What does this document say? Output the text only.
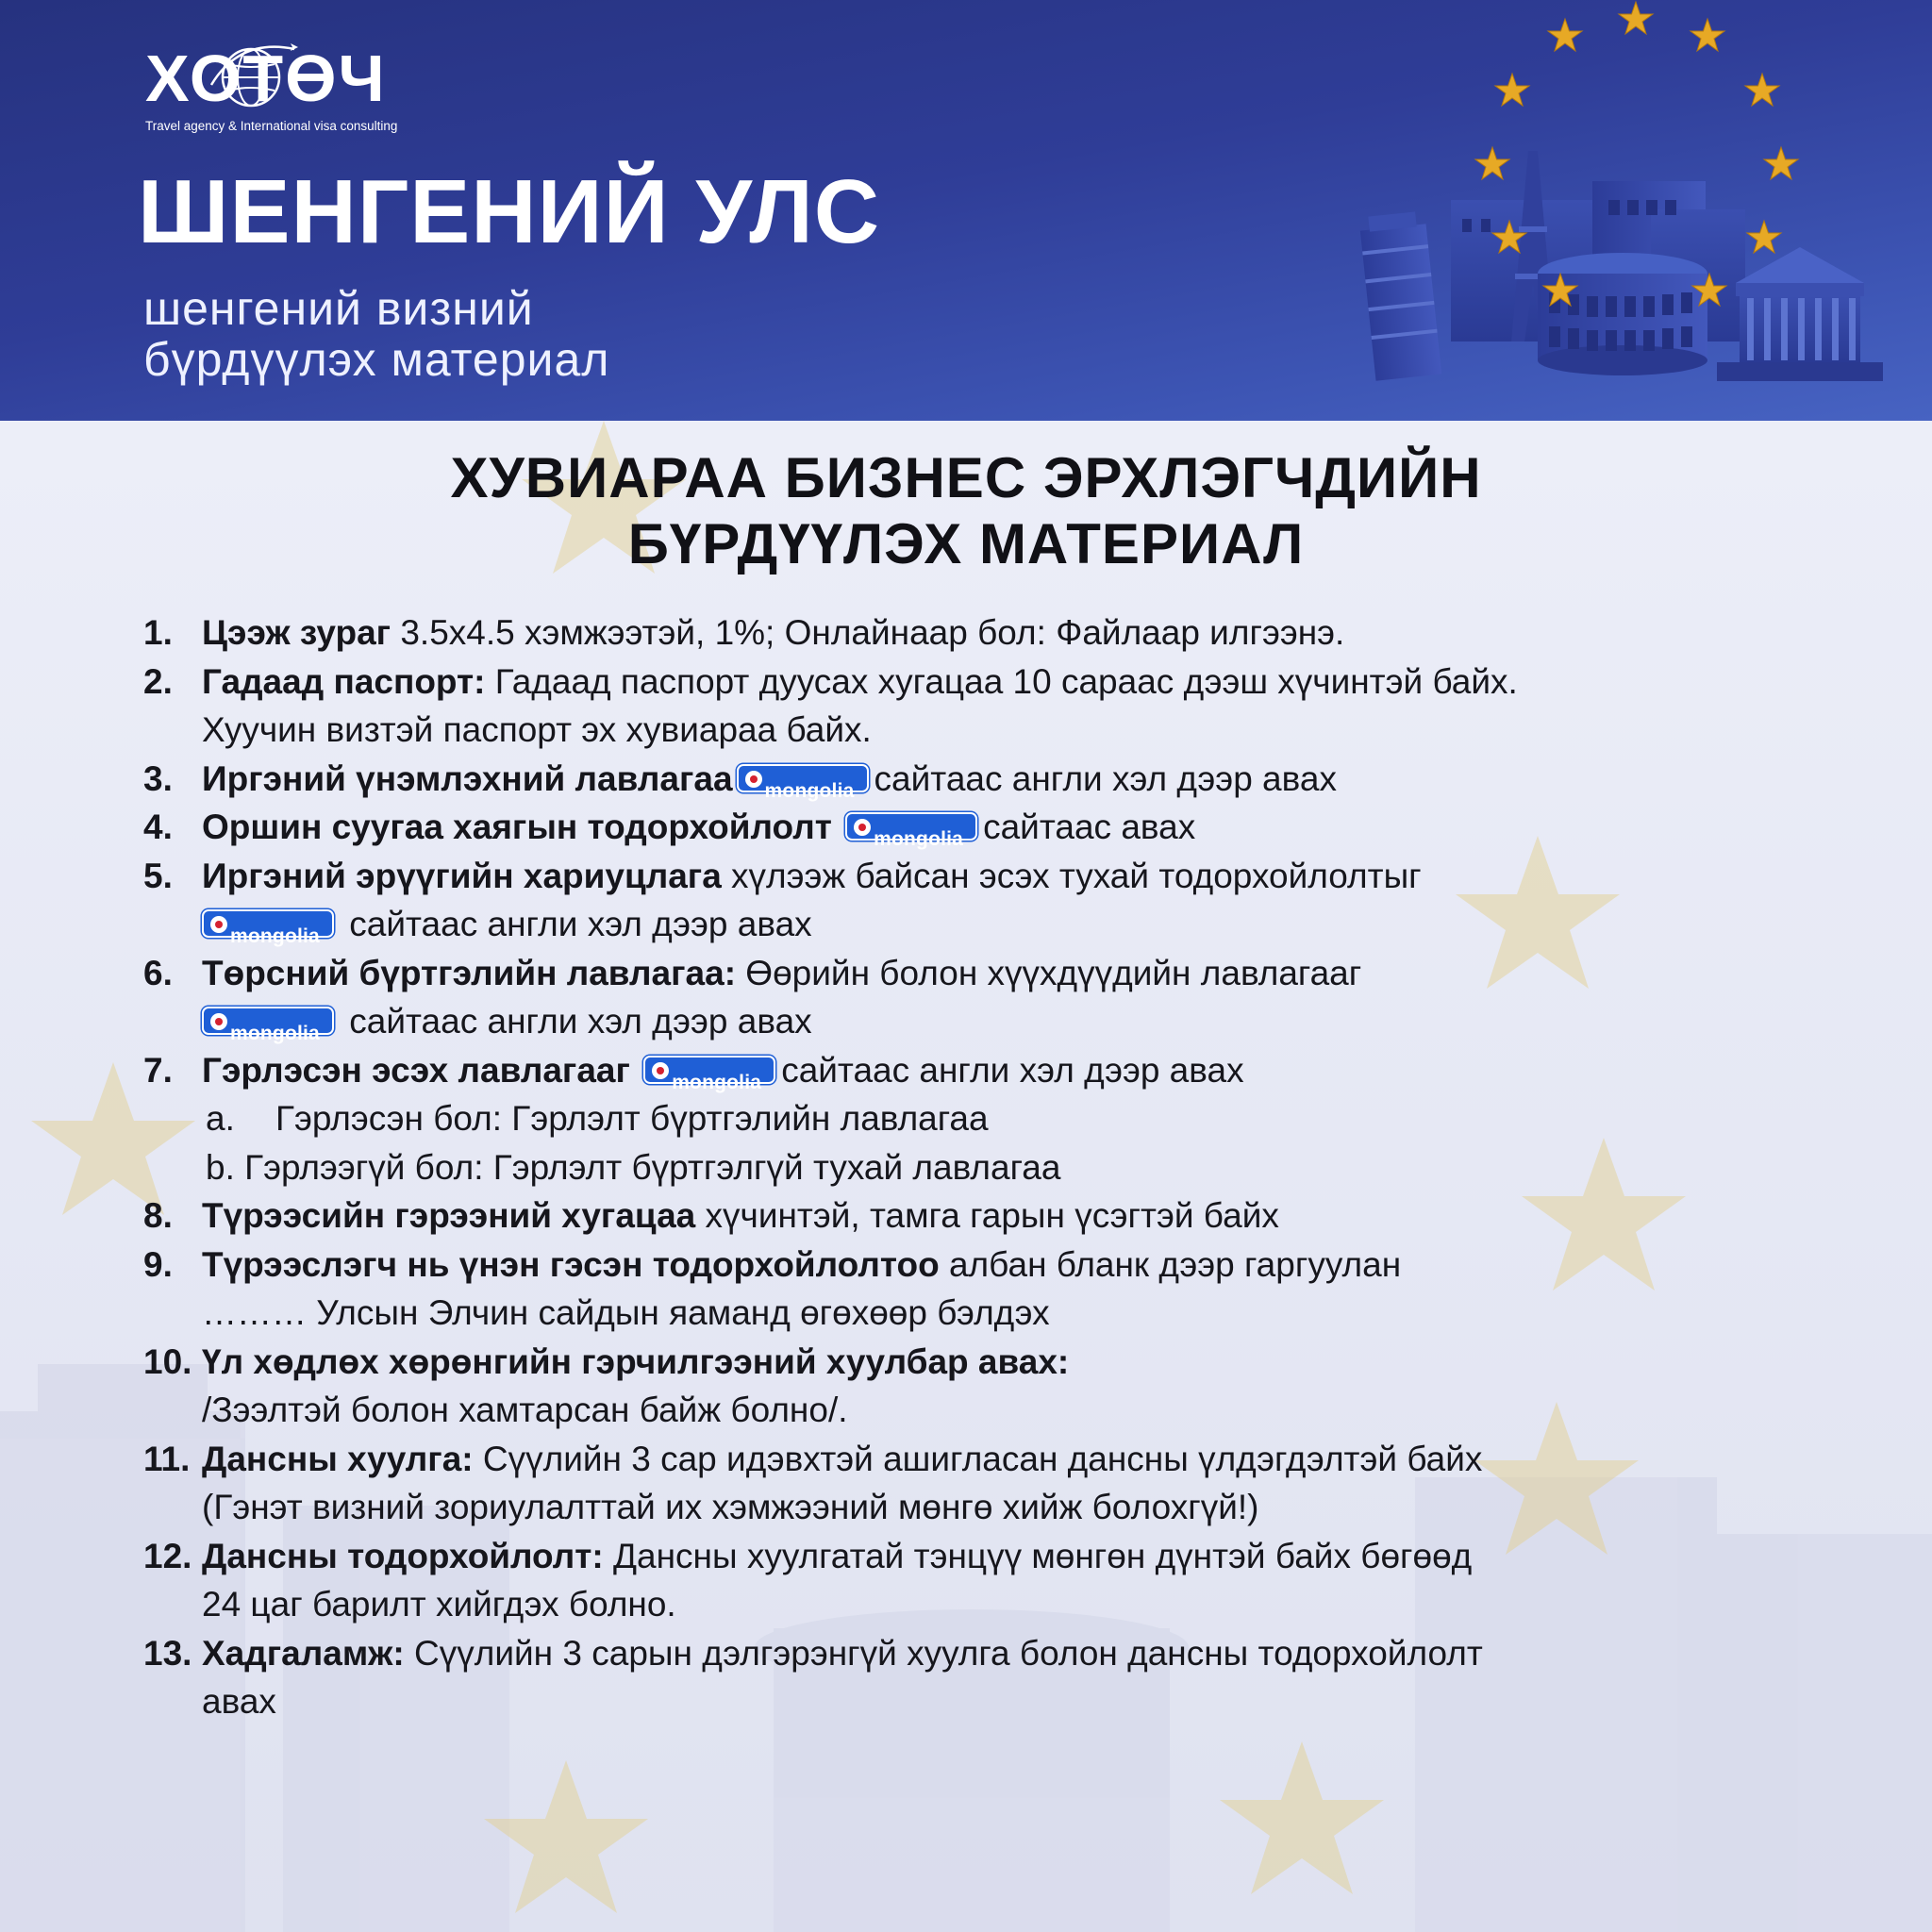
ХОТӨЧ
Travel agency & International visa consulting
ШЕНГЕНИЙ УЛС
шенгений визний
бүрдүүлэх материал
ХУВИАРАА БИЗНЕС ЭРХЛЭГЧДИЙН
БҮРДҮҮЛЭХ МАТЕРИАЛ
1. Цээж зураг 3.5x4.5 хэмжээтэй, 1%; Онлайнаар бол: Файлаар илгээнэ.
2. Гадаад паспорт: Гадаад паспорт дуусах хугацаа 10 сараас дээш хүчинтэй байх.
Хуучин визтэй паспорт эх хувиараа байх.
3. Иргэний үнэмлэхний лавлагаа mongolia сайтаас англи хэл дээр авах
4. Оршин суугаа хаягын тодорхойлолт mongolia сайтаас авах
5. Иргэний эрүүгийн хариуцлага хүлээж байсан эсэх тухай тодорхойлолтыг
mongolia сайтаас англи хэл дээр авах
6. Төрсний бүртгэлийн лавлагаа: Өөрийн болон хүүхдүүдийн лавлагааг
mongolia сайтаас англи хэл дээр авах
7. Гэрлэсэн эсэх лавлагааг mongolia сайтаас англи хэл дээр авах
a. Гэрлэсэн бол: Гэрлэлт бүртгэлийн лавлагаа
b. Гэрлээгүй бол: Гэрлэлт бүртгэлгүй тухай лавлагаа
8. Түрээсийн гэрээний хугацаа хүчинтэй, тамга гарын үсэгтэй байх
9. Түрээслэгч нь үнэн гэсэн тодорхойлолтоо албан бланк дээр гаргуулан
……… Улсын Элчин сайдын яаманд өгөхөөр бэлдэх
10. Үл хөдлөх хөрөнгийн гэрчилгээний хуулбар авах:
/Зээлтэй болон хамтарсан байж болно/.
11. Дансны хуулга: Сүүлийн 3 сар идэвхтэй ашигласан дансны үлдэгдэлтэй байх
(Гэнэт визний зориулалттай их хэмжээний мөнгө хийж болохгүй!)
12. Дансны тодорхойлолт: Дансны хуулгатай тэнцүү мөнгөн дүнтэй байх бөгөөд
24 цаг барилт хийгдэх болно.
13. Хадгаламж: Сүүлийн 3 сарын дэлгэрэнгүй хуулга болон дансны тодорхойлолт
авах
